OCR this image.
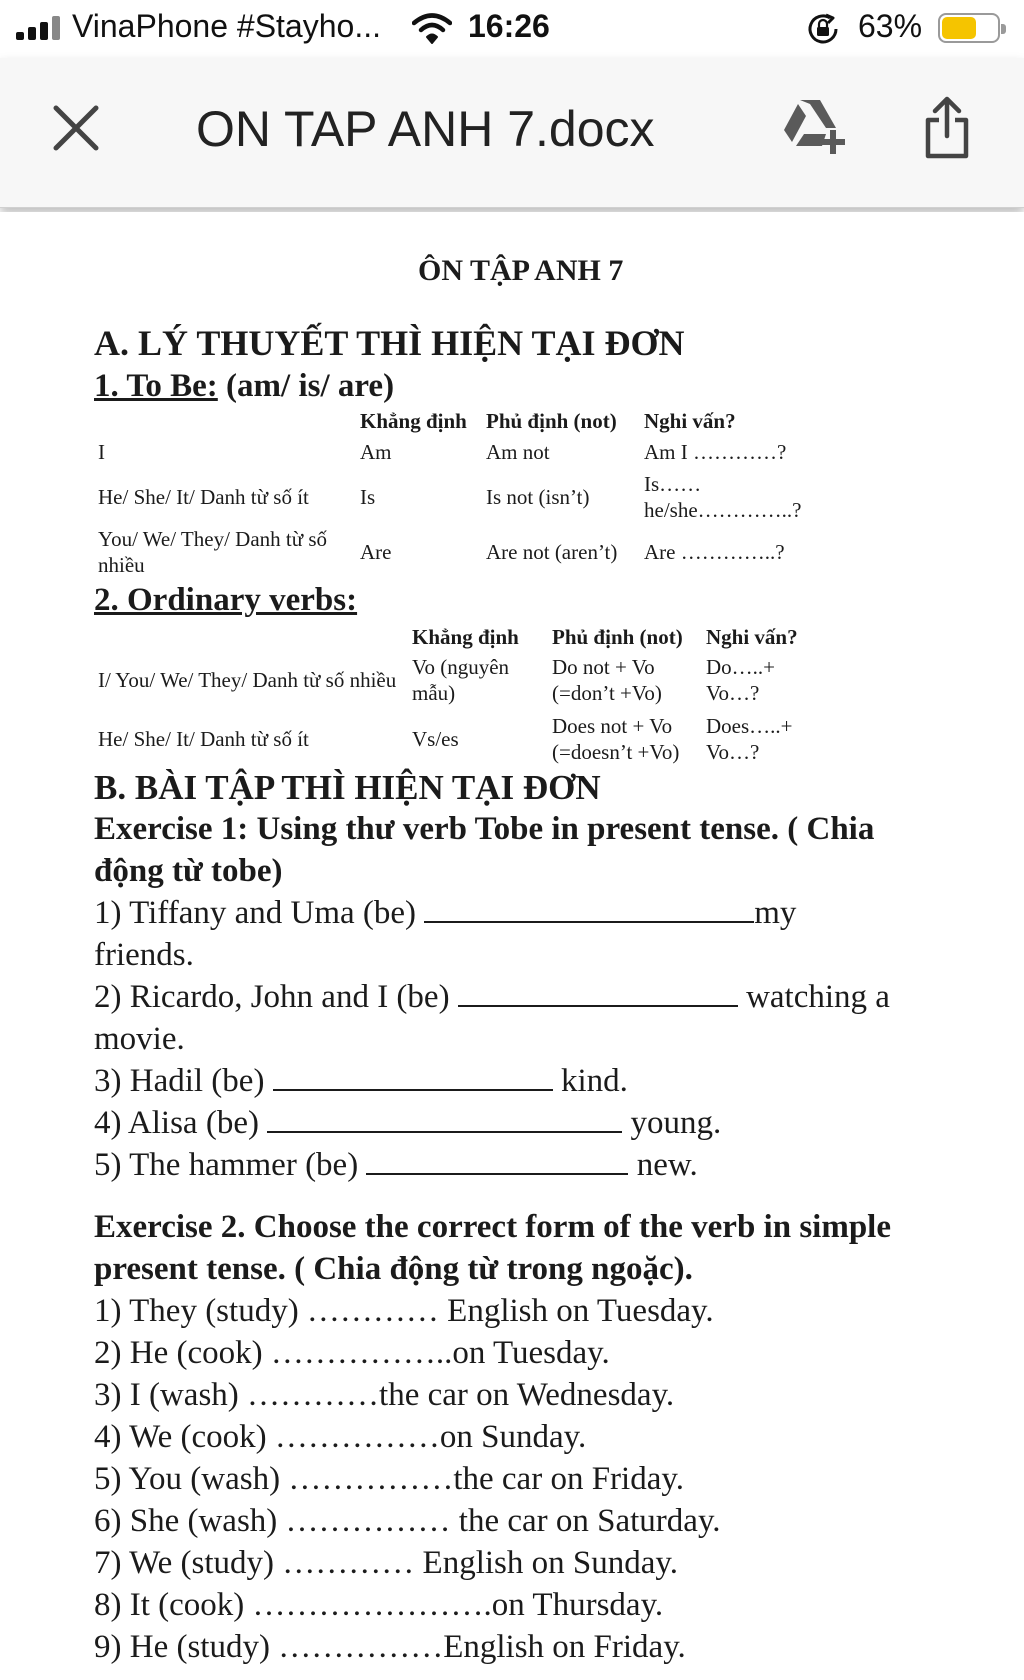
VinaPhone #Stayho...	16:26	63%
ON TAP ANH 7.docx
ÔN TẬP ANH 7
A. LÝ THUYẾT THÌ HIỆN TẠI ĐƠN
1. To Be: (am/ is/ are)
	Khẳng định	Phủ định (not)	Nghi vấn?
I	Am	Am not	Am I …………?
He/ She/ It/ Danh từ số ít	Is	Is not (isn’t)	Is…… he/she…………..?
You/ We/ They/ Danh từ số nhiều	Are	Are not (aren’t)	Are …………..?
2. Ordinary verbs:
	Khẳng định	Phủ định (not)	Nghi vấn?
I/ You/ We/ They/ Danh từ số nhiều	Vo (nguyên mẫu)	Do not + Vo (=don’t +Vo)	Do…..+ Vo…?
He/ She/ It/ Danh từ số ít	Vs/es	Does not + Vo (=doesn’t +Vo)	Does…..+ Vo…?
B. BÀI TẬP THÌ HIỆN TẠI ĐƠN
Exercise 1: Using thư verb Tobe in present tense. ( Chia
động từ tobe)
1) Tiffany and Uma (be)	my
friends.
2) Ricardo, John and I (be)	watching a
movie.
3) Hadil (be)	kind.
4) Alisa (be)	young.
5) The hammer (be)	new.
Exercise 2. Choose the correct form of the verb in simple
present tense. ( Chia động từ trong ngoặc).
1) They (study) ………… English on Tuesday.
2) He (cook) ……………..on Tuesday.
3) I (wash) …………the car on Wednesday.
4) We (cook) ……………on Sunday.
5) You (wash) ……………the car on Friday.
6) She (wash) …………… the car on Saturday.
7) We (study) ………… English on Sunday.
8) It (cook) ………………….on Thursday.
9) He (study) ……………English on Friday.
